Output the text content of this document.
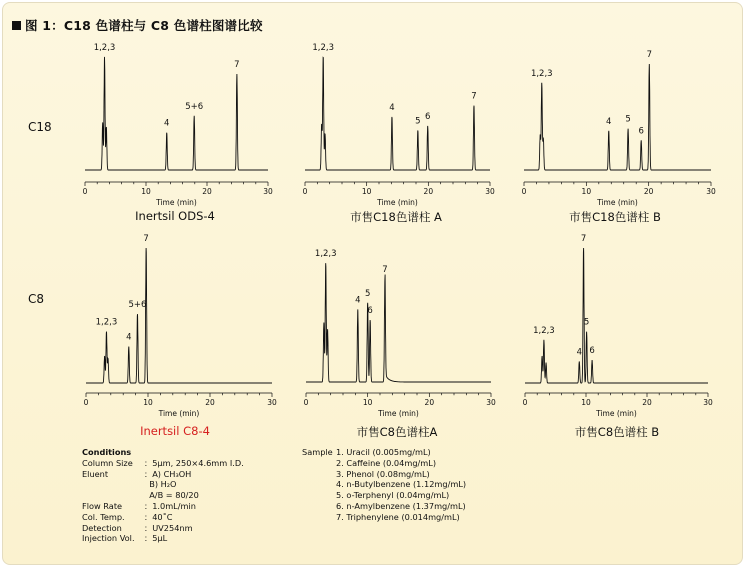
图 1：C18 色谱柱与 C8 色谱柱图谱比较
C18
C8
Inertsil ODS-4	市售C18色谱柱 A	市售C18色谱柱 B
Inertsil C8-4	市售C8色谱柱A	市售C8色谱柱 B
0	10	20	30
Time (min)
1,2,3
4
5+6
7
0	10	20	30
Time (min)
1,2,3
4
5 6
7
0	10	20	30
Time (min)
1,2,3
4 5
6
7
0	10	20	30
Time (min)
1,2,3
4
5+6
7
0	10	20	30
Time (min)
1,2,3
4
5
6
7
0	10	20	30
Time (min)
1,2,3
4
7
5
6
Conditions
Column Size ：5μm, 250×4.6mm I.D.
Eluent	：A) CH₃OH
B) H₂O
A/B = 80/20
Flow Rate	：1.0mL/min
Col. Temp. ：40˚C
Detection	：UV254nm
Injection Vol. ：5μL
Sample 1. Uracil (0.005mg/mL)
2. Caffeine (0.04mg/mL)
3. Phenol (0.08mg/mL)
4. n-Butylbenzene (1.12mg/mL)
5. o-Terphenyl (0.04mg/mL)
6. n-Amylbenzene (1.37mg/mL)
7. Triphenylene (0.014mg/mL)
